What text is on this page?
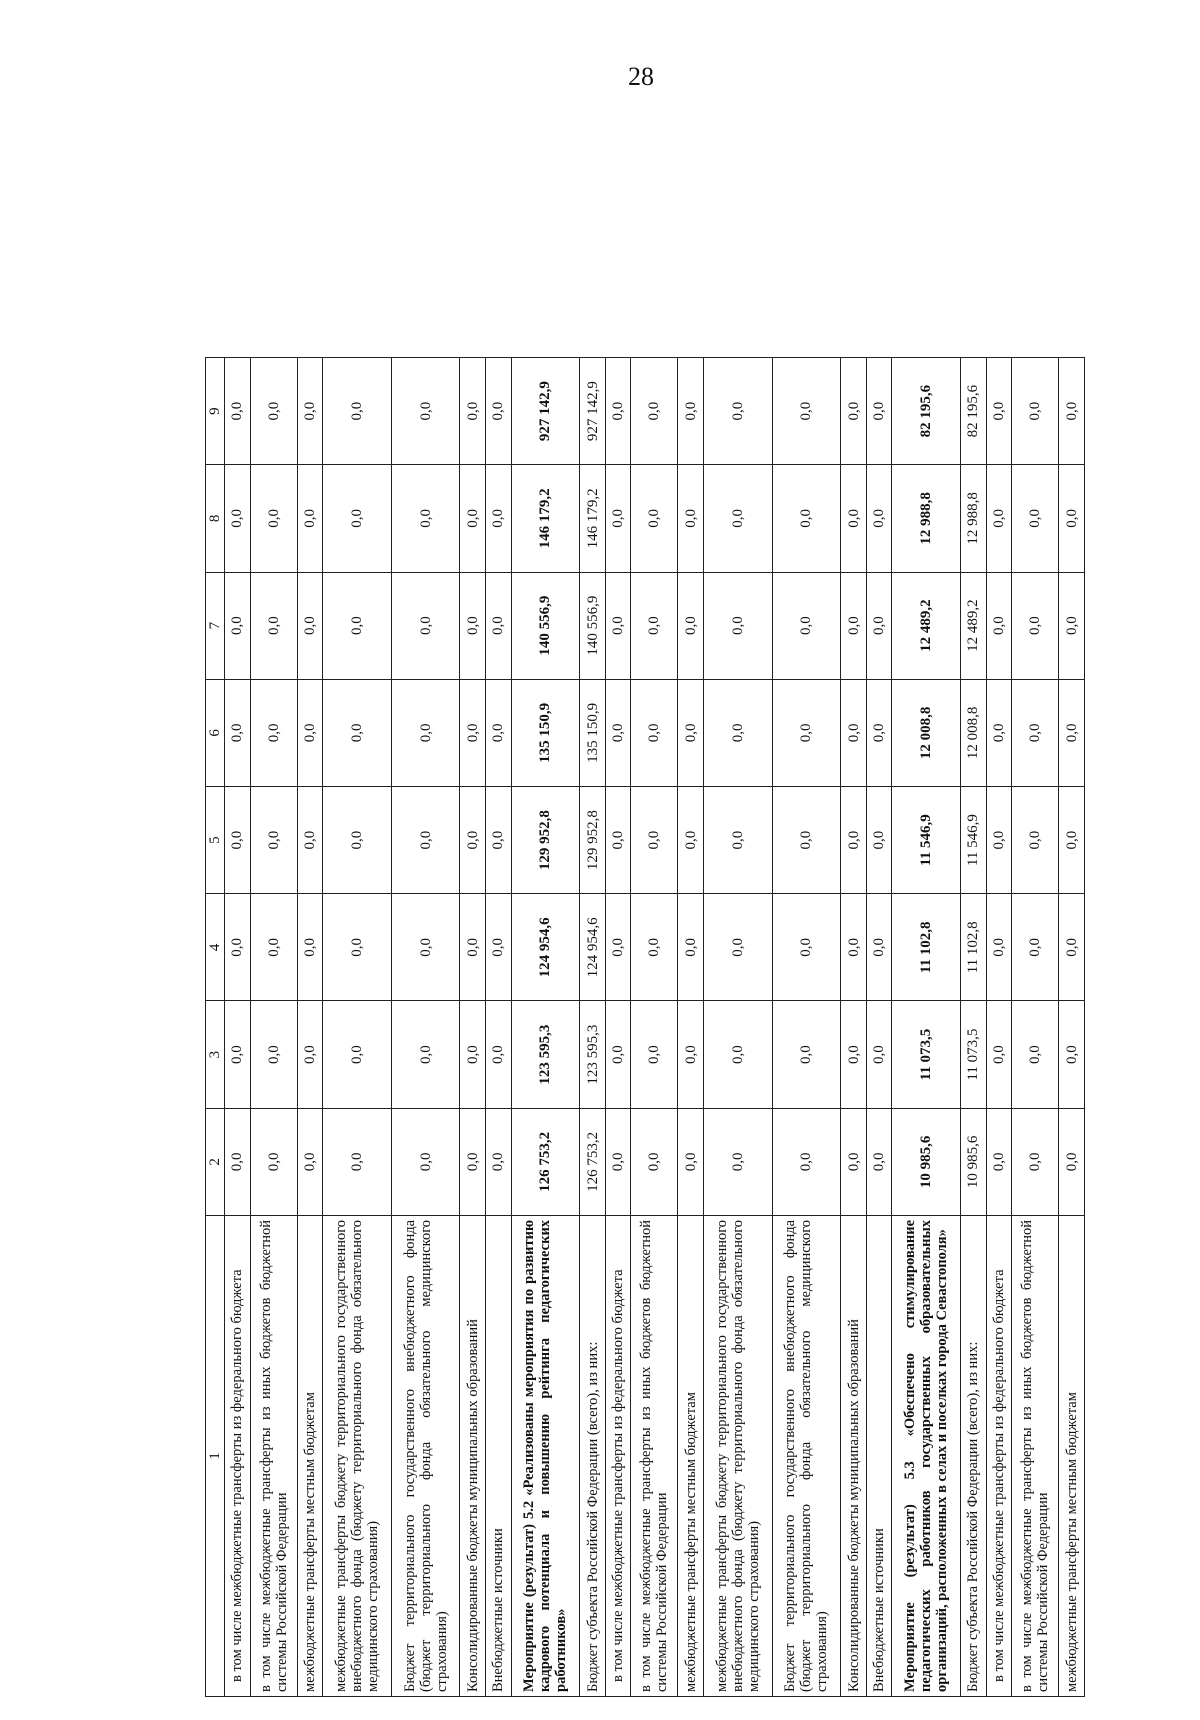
28
1	2	3	4	5	6	7	8	9
в том числе межбюджетные трансферты из федерального бюджета	0,0	0,0	0,0	0,0	0,0	0,0	0,0	0,0
в том числе межбюджетные трансферты из иных бюджетов бюджетной системы Российской Федерации	0,0	0,0	0,0	0,0	0,0	0,0	0,0	0,0
межбюджетные трансферты местным бюджетам	0,0	0,0	0,0	0,0	0,0	0,0	0,0	0,0
межбюджетные трансферты бюджету территориального государственного внебюджетного фонда (бюджету территориального фонда обязательного медицинского страхования)	0,0	0,0	0,0	0,0	0,0	0,0	0,0	0,0
Бюджет территориального государственного внебюджетного фонда (бюджет территориального фонда обязательного медицинского страхования)	0,0	0,0	0,0	0,0	0,0	0,0	0,0	0,0
Консолидированные бюджеты муниципальных образований	0,0	0,0	0,0	0,0	0,0	0,0	0,0	0,0
Внебюджетные источники	0,0	0,0	0,0	0,0	0,0	0,0	0,0	0,0
Мероприятие (результат) 5.2 «Реализованы мероприятия по развитию кадрового потенциала и повышению рейтинга педагогических работников»	126 753,2	123 595,3	124 954,6	129 952,8	135 150,9	140 556,9	146 179,2	927 142,9
Бюджет субъекта Российской Федерации (всего), из них:	126 753,2	123 595,3	124 954,6	129 952,8	135 150,9	140 556,9	146 179,2	927 142,9
в том числе межбюджетные трансферты из федерального бюджета	0,0	0,0	0,0	0,0	0,0	0,0	0,0	0,0
в том числе межбюджетные трансферты из иных бюджетов бюджетной системы Российской Федерации	0,0	0,0	0,0	0,0	0,0	0,0	0,0	0,0
межбюджетные трансферты местным бюджетам	0,0	0,0	0,0	0,0	0,0	0,0	0,0	0,0
межбюджетные трансферты бюджету территориального государственного внебюджетного фонда (бюджету территориального фонда обязательного медицинского страхования)	0,0	0,0	0,0	0,0	0,0	0,0	0,0	0,0
Бюджет территориального государственного внебюджетного фонда (бюджет территориального фонда обязательного медицинского страхования)	0,0	0,0	0,0	0,0	0,0	0,0	0,0	0,0
Консолидированные бюджеты муниципальных образований	0,0	0,0	0,0	0,0	0,0	0,0	0,0	0,0
Внебюджетные источники	0,0	0,0	0,0	0,0	0,0	0,0	0,0	0,0
Мероприятие (результат) 5.3 «Обеспечено стимулирование педагогических работников государственных образовательных организаций, расположенных в селах и поселках города Севастополя»	10 985,6	11 073,5	11 102,8	11 546,9	12 008,8	12 489,2	12 988,8	82 195,6
Бюджет субъекта Российской Федерации (всего), из них:	10 985,6	11 073,5	11 102,8	11 546,9	12 008,8	12 489,2	12 988,8	82 195,6
в том числе межбюджетные трансферты из федерального бюджета	0,0	0,0	0,0	0,0	0,0	0,0	0,0	0,0
в том числе межбюджетные трансферты из иных бюджетов бюджетной системы Российской Федерации	0,0	0,0	0,0	0,0	0,0	0,0	0,0	0,0
межбюджетные трансферты местным бюджетам	0,0	0,0	0,0	0,0	0,0	0,0	0,0	0,0
